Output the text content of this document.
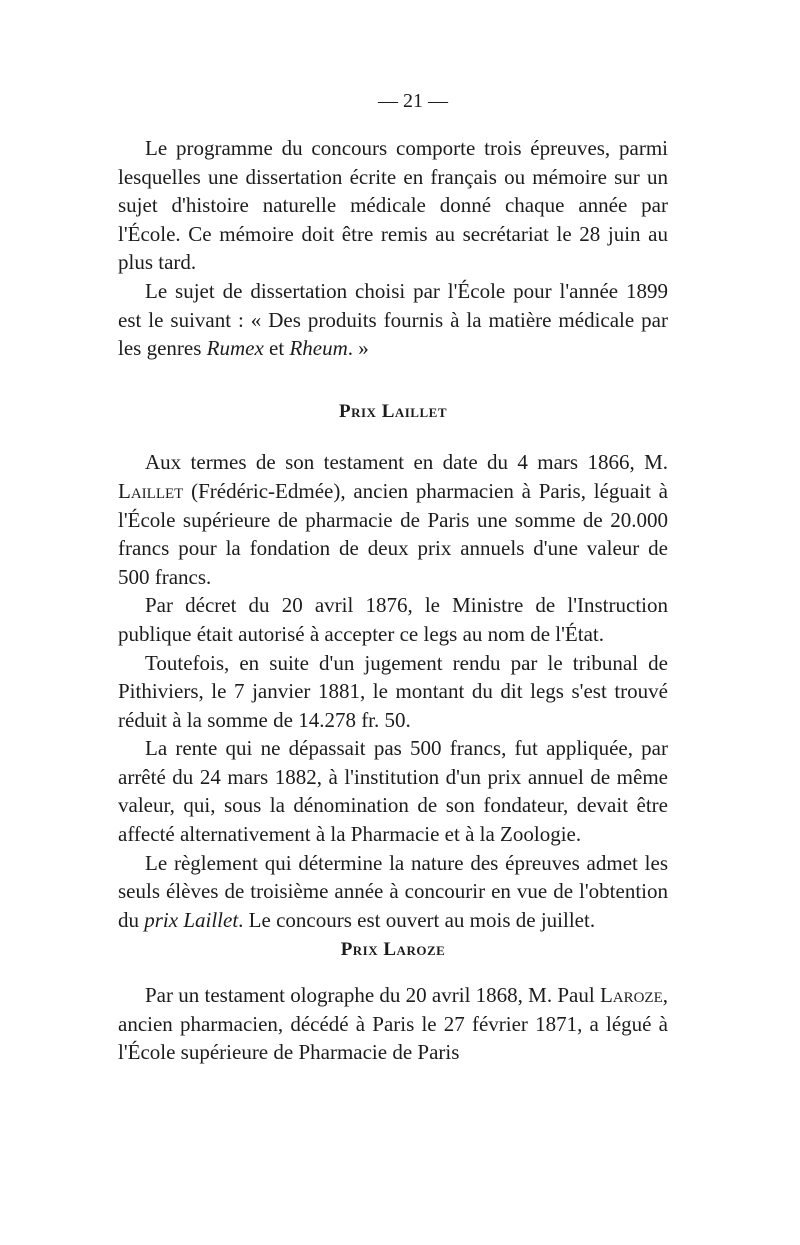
— 21 —

Le programme du concours comporte trois épreuves, parmi lesquelles une dissertation écrite en français ou mémoire sur un sujet d'histoire naturelle médicale donné chaque année par l'École. Ce mémoire doit être remis au secrétariat le 28 juin au plus tard.

Le sujet de dissertation choisi par l'École pour l'année 1899 est le suivant : « Des produits fournis à la matière médicale par les genres Rumex et Rheum. »

Prix Laillet

Aux termes de son testament en date du 4 mars 1866, M. Laillet (Frédéric-Edmée), ancien pharmacien à Paris, léguait à l'École supérieure de pharmacie de Paris une somme de 20.000 francs pour la fondation de deux prix annuels d'une valeur de 500 francs.

Par décret du 20 avril 1876, le Ministre de l'Instruction publique était autorisé à accepter ce legs au nom de l'État.

Toutefois, en suite d'un jugement rendu par le tribunal de Pithiviers, le 7 janvier 1881, le montant du dit legs s'est trouvé réduit à la somme de 14.278 fr. 50.

La rente qui ne dépassait pas 500 francs, fut appliquée, par arrêté du 24 mars 1882, à l'institution d'un prix annuel de même valeur, qui, sous la dénomination de son fondateur, devait être affecté alternativement à la Pharmacie et à la Zoologie.

Le règlement qui détermine la nature des épreuves admet les seuls élèves de troisième année à concourir en vue de l'obtention du prix Laillet. Le concours est ouvert au mois de juillet.

Prix Laroze

Par un testament olographe du 20 avril 1868, M. Paul Laroze, ancien pharmacien, décédé à Paris le 27 février 1871, a légué à l'École supérieure de Pharmacie de Paris
